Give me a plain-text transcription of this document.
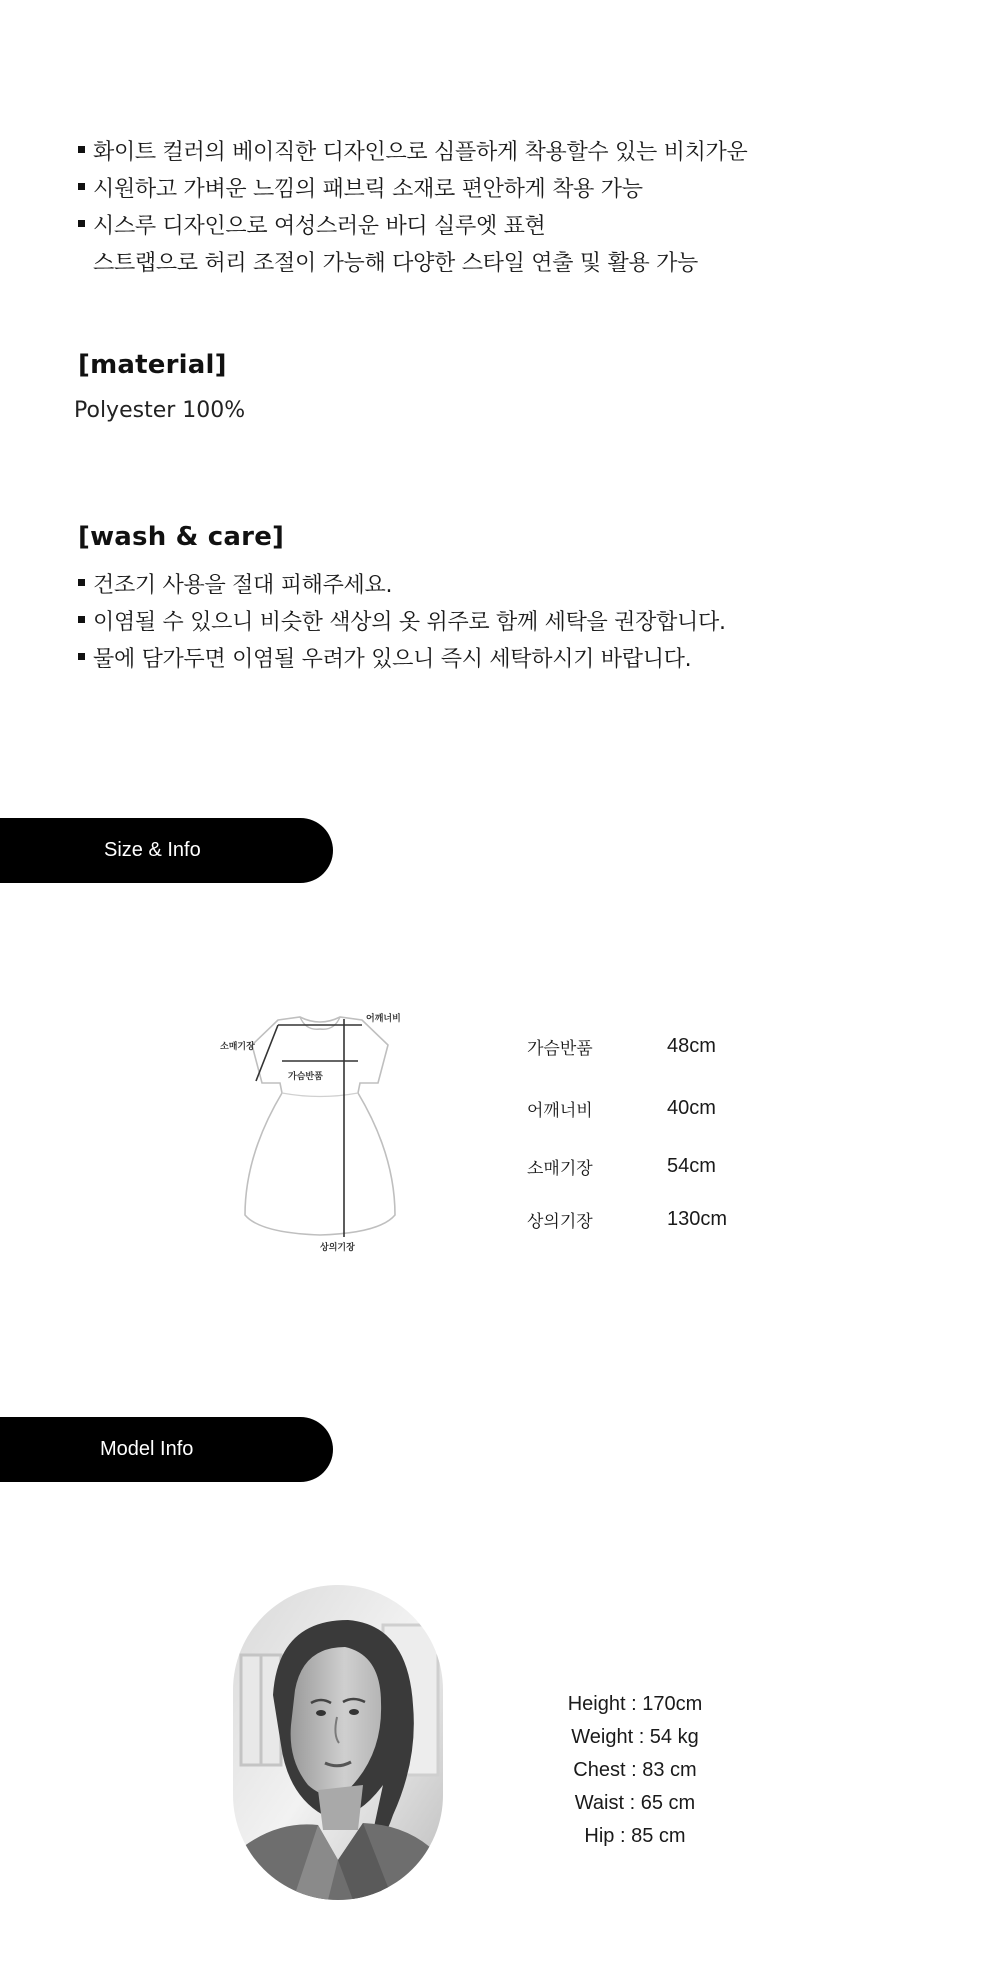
화이트 컬러의 베이직한 디자인으로 심플하게 착용할수 있는 비치가운
시원하고 가벼운 느낌의 패브릭 소재로 편안하게 착용 가능
시스루 디자인으로 여성스러운 바디 실루엣 표현
스트랩으로 허리 조절이 가능해 다양한 스타일 연출 및 활용 가능
[material]
Polyester 100%
[wash & care]
건조기 사용을 절대 피해주세요.
이염될 수 있으니 비슷한 색상의 옷 위주로 함께 세탁을 권장합니다.
물에 담가두면 이염될 우려가 있으니 즉시 세탁하시기 바랍니다.
Size & Info
어깨너비
소매기장
가슴반품
상의기장
가슴반품	48cm
어깨너비	40cm
소매기장	54cm
상의기장	130cm
Model Info
Height : 170cm
Weight : 54 kg
Chest : 83 cm
Waist : 65 cm
Hip : 85 cm
